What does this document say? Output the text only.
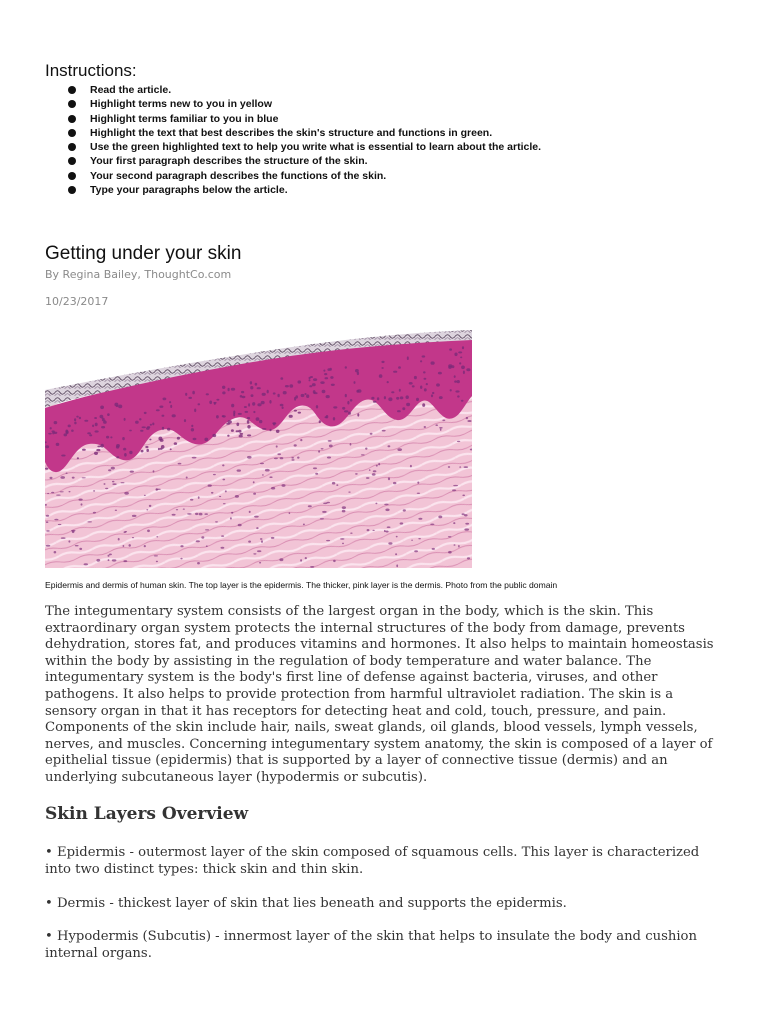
Instructions:
Read the article.
Highlight terms new to you in yellow
Highlight terms familiar to you in blue
Highlight the text that best describes the skin's structure and functions in green.
Use the green highlighted text to help you write what is essential to learn about the article.
Your first paragraph describes the structure of the skin.
Your second paragraph describes the functions of the skin.
Type your paragraphs below the article.
Getting under your skin
By Regina Bailey, ThoughtCo.com
10/23/2017
Epidermis and dermis of human skin. The top layer is the epidermis. The thicker, pink layer is the dermis. Photo from the public domain

The integumentary system consists of the largest organ in the body, which is the skin. This extraordinary organ system protects the internal structures of the body from damage, prevents dehydration, stores fat, and produces vitamins and hormones. It also helps to maintain homeostasis within the body by assisting in the regulation of body temperature and water balance. The integumentary system is the body's first line of defense against bacteria, viruses, and other pathogens. It also helps to provide protection from harmful ultraviolet radiation. The skin is a sensory organ in that it has receptors for detecting heat and cold, touch, pressure, and pain. Components of the skin include hair, nails, sweat glands, oil glands, blood vessels, lymph vessels, nerves, and muscles. Concerning integumentary system anatomy, the skin is composed of a layer of epithelial tissue (epidermis) that is supported by a layer of connective tissue (dermis) and an underlying subcutaneous layer (hypodermis or subcutis).

Skin Layers Overview

• Epidermis - outermost layer of the skin composed of squamous cells. This layer is characterized into two distinct types: thick skin and thin skin.

• Dermis - thickest layer of skin that lies beneath and supports the epidermis.

• Hypodermis (Subcutis) - innermost layer of the skin that helps to insulate the body and cushion internal organs.
